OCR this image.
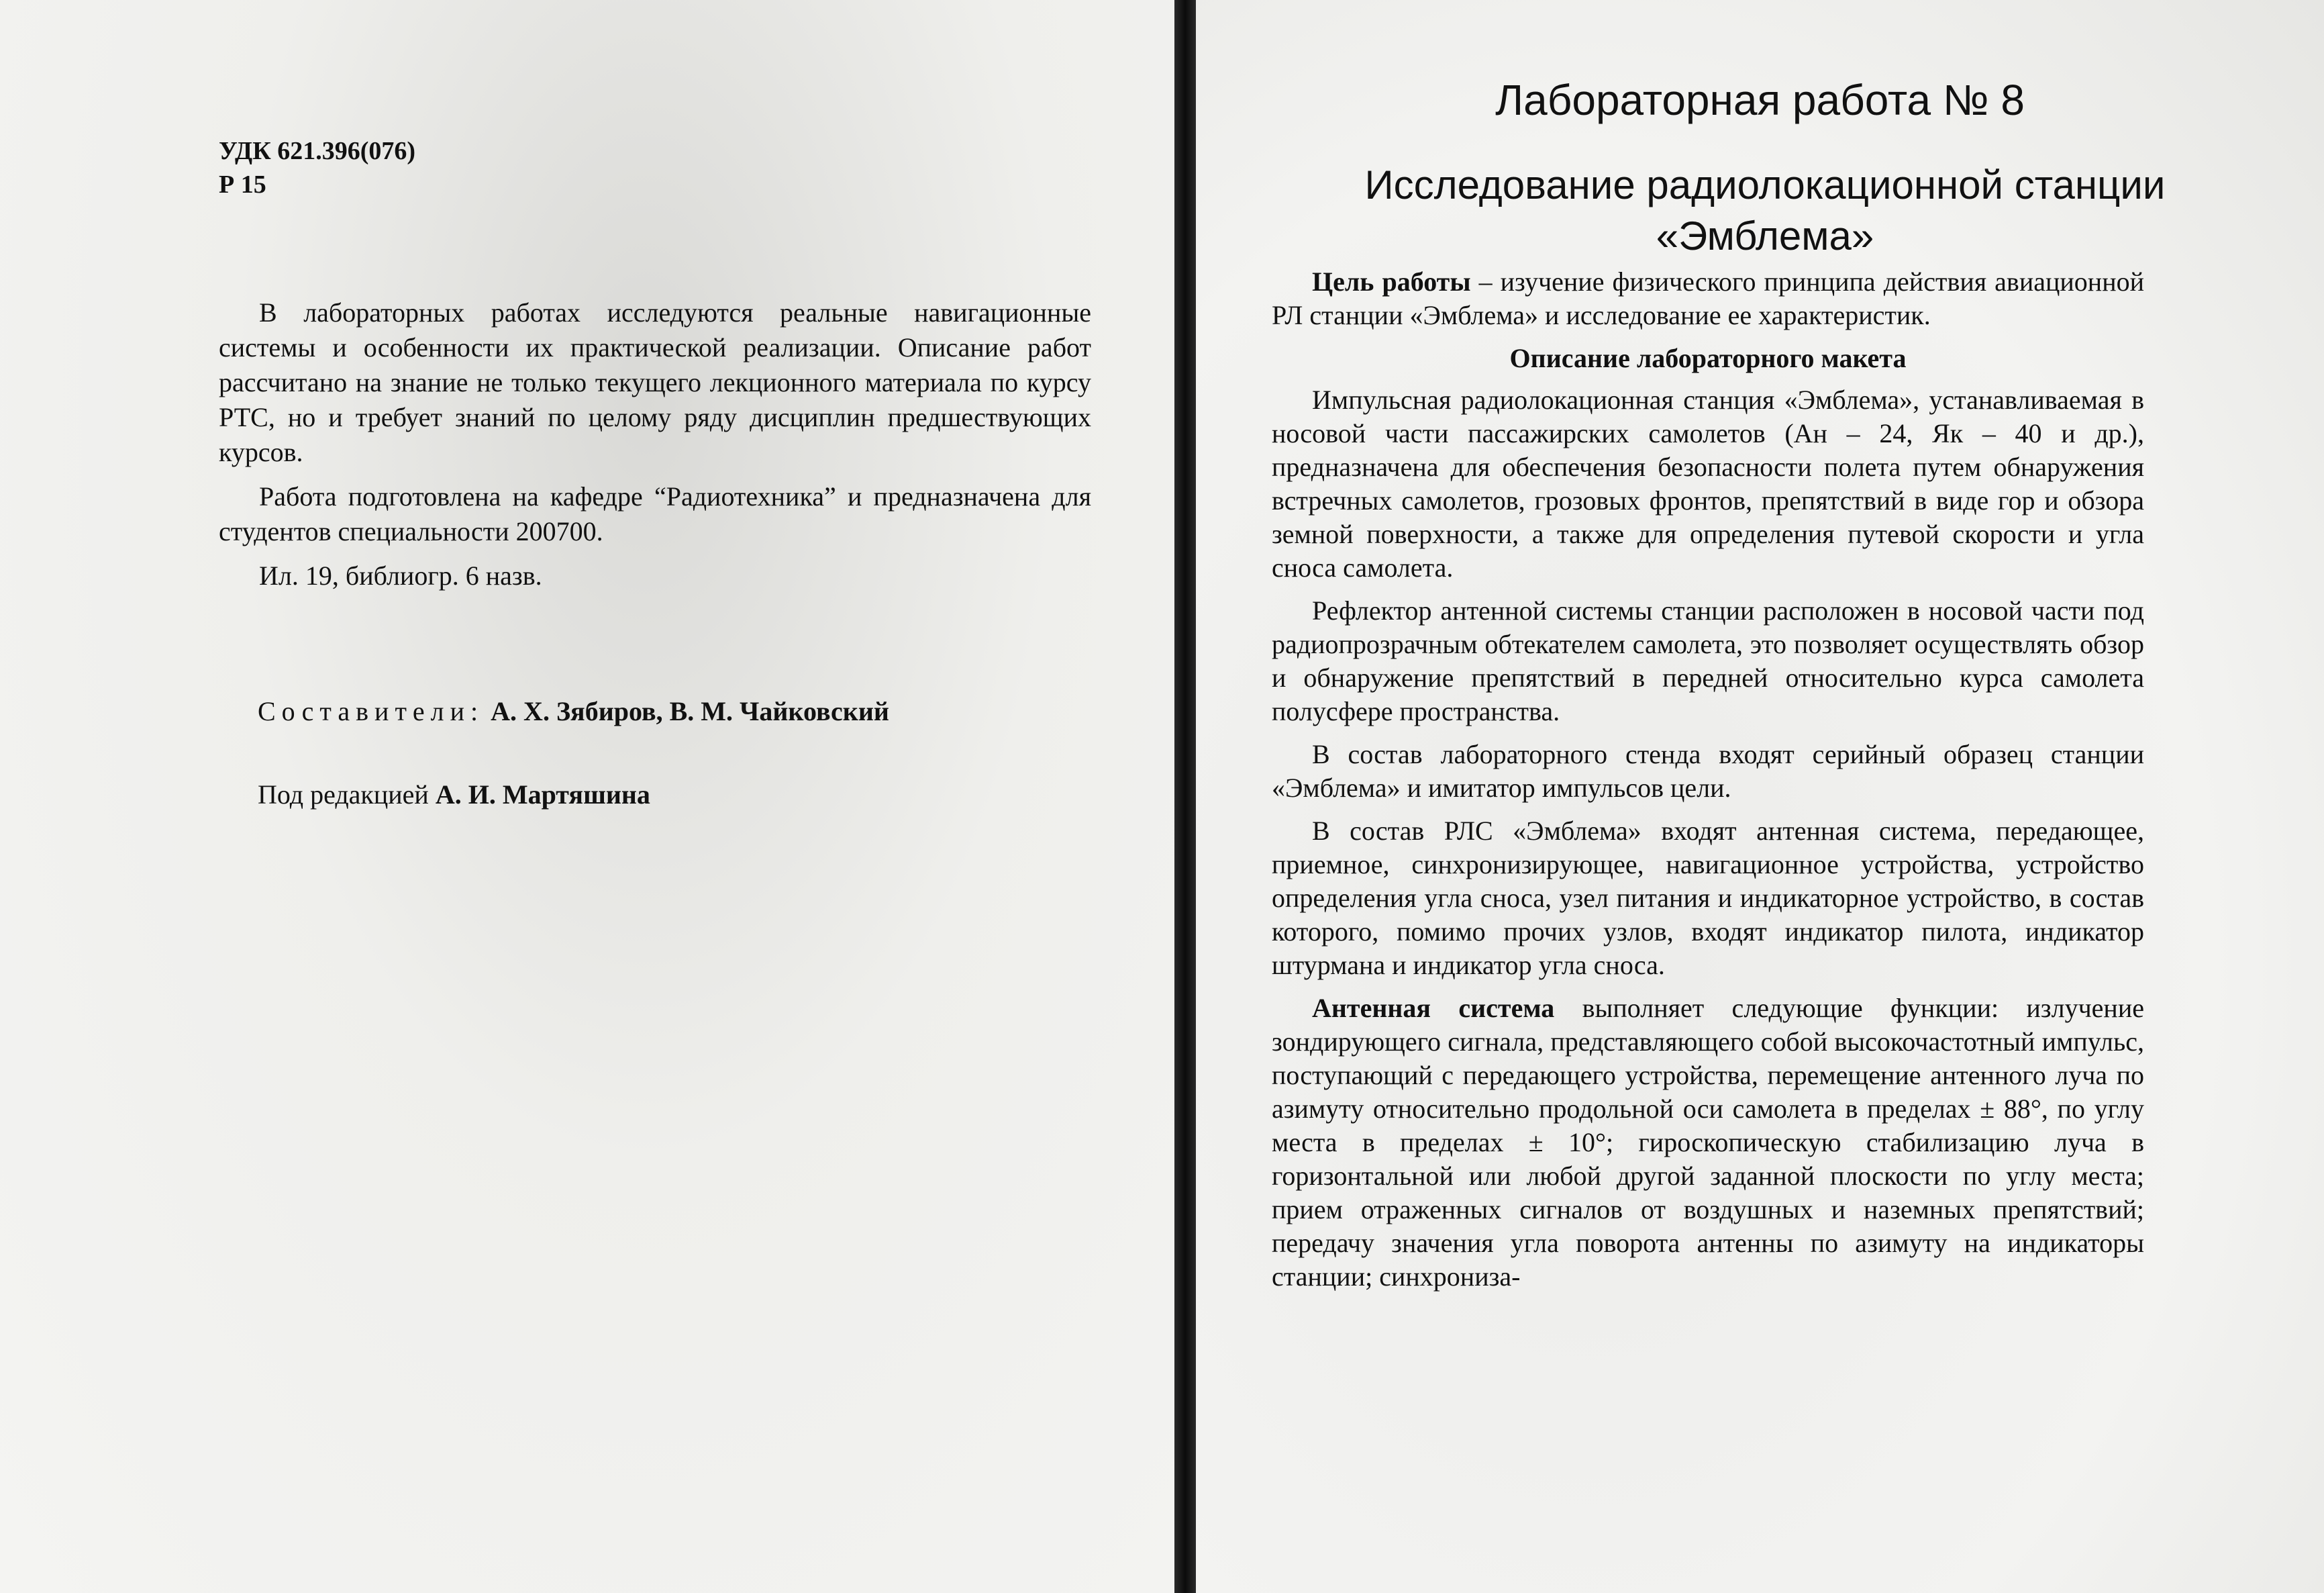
УДК 621.396(076)
Р 15

В лабораторных работах исследуются реальные навигационные системы и особенности их практической реализации. Описание работ рассчитано на знание не только текущего лекционного материала по курсу РТС, но и требует знаний по целому ряду дисциплин предшествующих курсов.

Работа подготовлена на кафедре “Радиотехника” и предназначена для студентов специальности 200700.

Ил. 19, библиогр. 6 назв.

Составители: А. Х. Зябиров, В. М. Чайковский
Под редакцией А. И. Мартяшина
Лабораторная работа № 8
Исследование радиолокационной станции
«Эмблема»

Цель работы – изучение физического принципа действия авиационной РЛ станции «Эмблема» и исследование ее характеристик.

Описание лабораторного макета

Импульсная радиолокационная станция «Эмблема», устанавливаемая в носовой части пассажирских самолетов (Ан – 24, Як – 40 и др.), предназначена для обеспечения безопасности полета путем обнаружения встречных самолетов, грозовых фронтов, препятствий в виде гор и обзора земной поверхности, а также для определения путевой скорости и угла сноса самолета.

Рефлектор антенной системы станции расположен в носовой части под радиопрозрачным обтекателем самолета, это позволяет осуществлять обзор и обнаружение препятствий в передней относительно курса самолета полусфере пространства.

В состав лабораторного стенда входят серийный образец станции «Эмблема» и имитатор импульсов цели.

В состав РЛС «Эмблема» входят антенная система, передающее, приемное, синхронизирующее, навигационное устройства, устройство определения угла сноса, узел питания и индикаторное устройство, в состав которого, помимо прочих узлов, входят индикатор пилота, индикатор штурмана и индикатор угла сноса.

Антенная система выполняет следующие функции: излучение зондирующего сигнала, представляющего собой высокочастотный импульс, поступающий с передающего устройства, перемещение антенного луча по азимуту относительно продольной оси самолета в пределах ± 88°, по углу места в пределах ± 10°; гироскопическую стабилизацию луча в горизонтальной или любой другой заданной плоскости по углу места; прием отраженных сигналов от воздушных и наземных препятствий; передачу значения угла поворота антенны по азимуту на индикаторы станции; синхрониза-
